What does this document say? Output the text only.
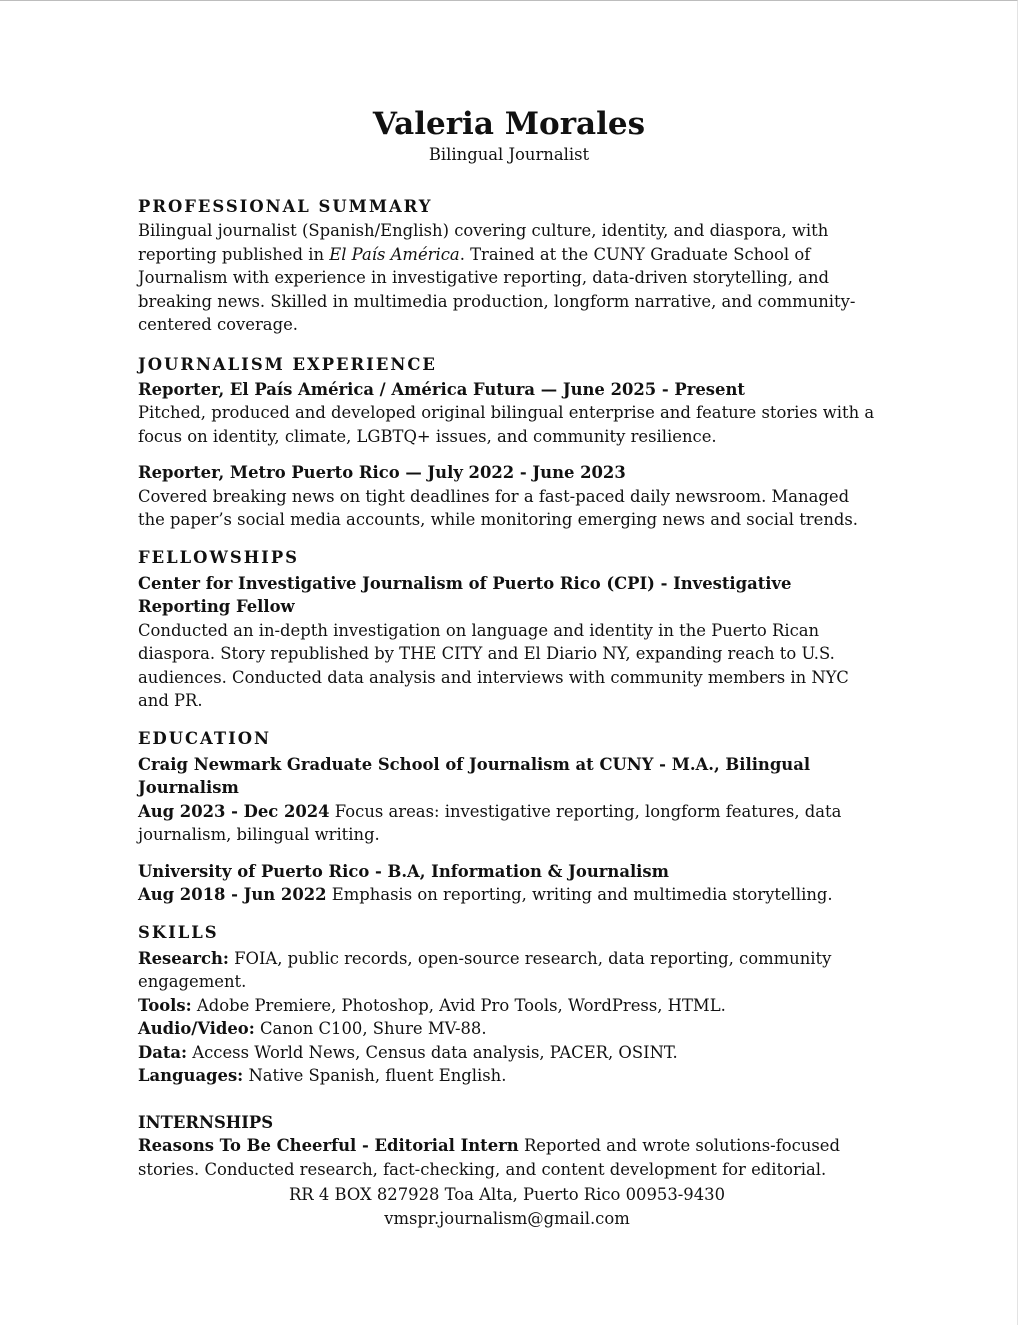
Valeria Morales

Bilingual Journalist

PROFESSIONAL SUMMARY

Bilingual journalist (Spanish/English) covering culture, identity, and diaspora, with reporting published in El País América. Trained at the CUNY Graduate School of Journalism with experience in investigative reporting, data-driven storytelling, and breaking news. Skilled in multimedia production, longform narrative, and community-centered coverage.

JOURNALISM EXPERIENCE

Reporter, El País América / América Futura — June 2025 - Present

Pitched, produced and developed original bilingual enterprise and feature stories with a focus on identity, climate, LGBTQ+ issues, and community resilience.

Reporter, Metro Puerto Rico — July 2022 - June 2023

Covered breaking news on tight deadlines for a fast-paced daily newsroom. Managed the paper’s social media accounts, while monitoring emerging news and social trends.

FELLOWSHIPS

Center for Investigative Journalism of Puerto Rico (CPI) - Investigative Reporting Fellow

Conducted an in-depth investigation on language and identity in the Puerto Rican diaspora. Story republished by THE CITY and El Diario NY, expanding reach to U.S. audiences. Conducted data analysis and interviews with community members in NYC and PR.

EDUCATION

Craig Newmark Graduate School of Journalism at CUNY - M.A., Bilingual Journalism

Aug 2023 - Dec 2024 Focus areas: investigative reporting, longform features, data journalism, bilingual writing.

University of Puerto Rico - B.A, Information & Journalism

Aug 2018 - Jun 2022 Emphasis on reporting, writing and multimedia storytelling.

SKILLS

Research: FOIA, public records, open-source research, data reporting, community engagement.

Tools: Adobe Premiere, Photoshop, Avid Pro Tools, WordPress, HTML.

Audio/Video: Canon C100, Shure MV-88.

Data: Access World News, Census data analysis, PACER, OSINT.

Languages: Native Spanish, fluent English.

INTERNSHIPS

Reasons To Be Cheerful - Editorial Intern Reported and wrote solutions-focused stories. Conducted research, fact-checking, and content development for editorial.

RR 4 BOX 827928 Toa Alta, Puerto Rico 00953-9430
vmspr.journalism@gmail.com
